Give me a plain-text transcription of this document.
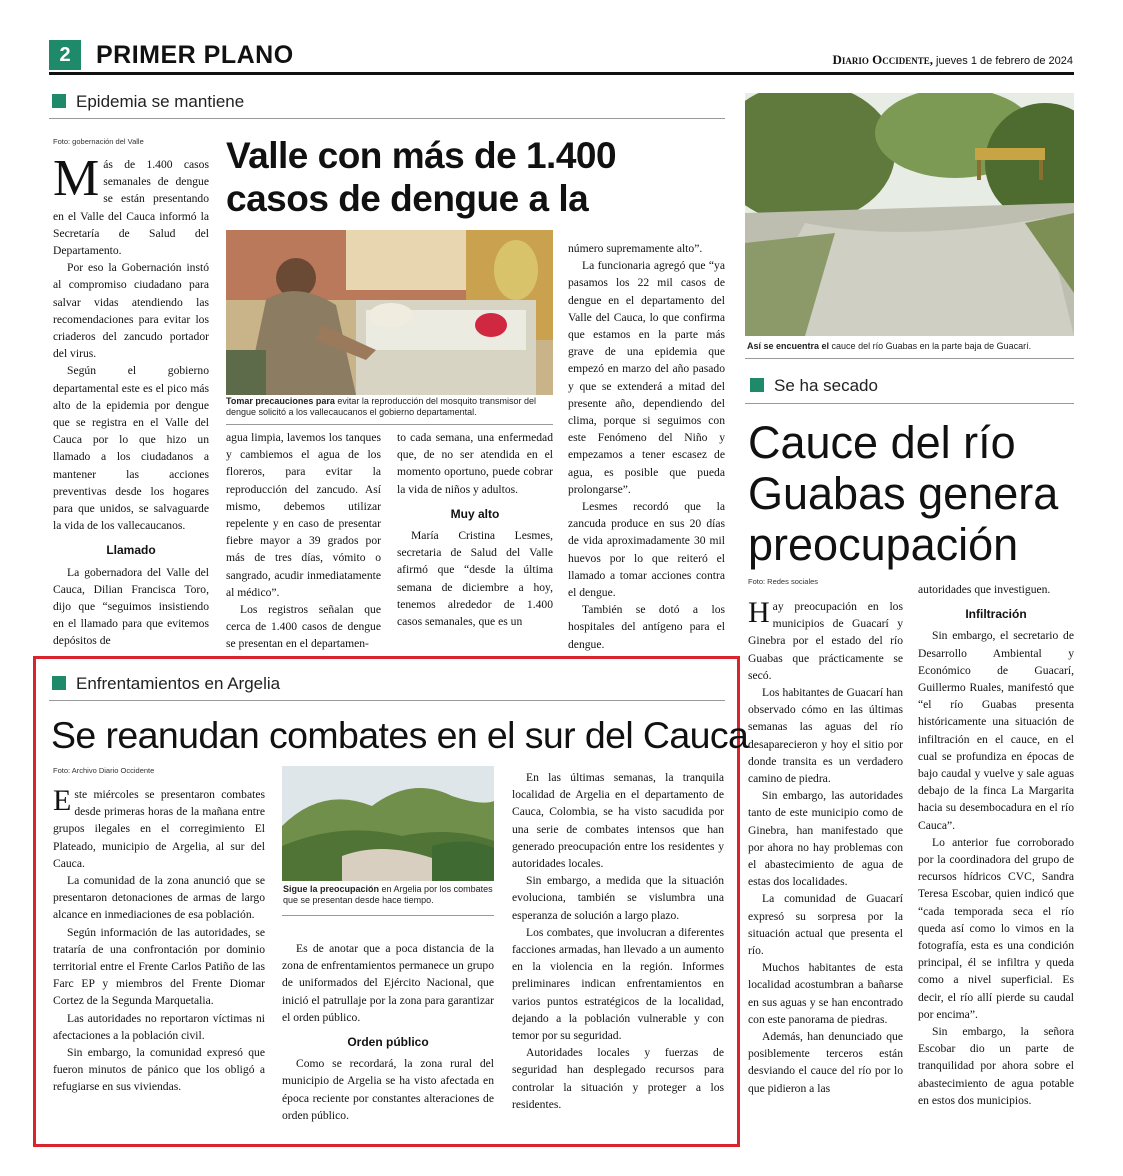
2	PRIMER PLANO	Diario Occidente, jueves 1 de febrero de 2024
Epidemia se mantiene
Foto: gobernación del Valle Valle con más de 1.400 casos de dengue a la

Más de 1.400 casos semanales de dengue se están presentando en el Valle del Cauca informó la Secretaría de Salud del Departamento.

Por eso la Gobernación instó al compromiso ciudadano para salvar vidas atendiendo las recomendaciones para evitar los criaderos del zancudo portador del virus.

Según el gobierno departamental este es el pico más alto de la epidemia por dengue que se registra en el Valle del Cauca por lo que hizo un llamado a los ciudadanos a mantener las acciones preventivas desde los hogares para que unidos, se salvaguarde la vida de los vallecaucanos.

Llamado

La gobernadora del Valle del Cauca, Dilian Francisca Toro, dijo que “seguimos insistiendo en el llamado para que evitemos depósitos de

Tomar precauciones para evitar la reproducción del mosquito transmisor del dengue solicitó a los vallecaucanos el gobierno departamental.

agua limpia, lavemos los tanques y cambiemos el agua de los floreros, para evitar la reproducción del zancudo. Así mismo, debemos utilizar repelente y en caso de presentar fiebre mayor a 39 grados por más de tres días, vómito o sangrado, acudir inmediatamente al médico”.

Los registros señalan que cerca de 1.400 casos de dengue se presentan en el departamen-

to cada semana, una enfermedad que, de no ser atendida en el momento oportuno, puede cobrar la vida de niños y adultos.

Muy alto

María Cristina Lesmes, secretaria de Salud del Valle afirmó que “desde la última semana de diciembre a hoy, tenemos alrededor de 1.400 casos semanales, que es un

número supremamente alto”.

La funcionaria agregó que “ya pasamos los 22 mil casos de dengue en el departamento del Valle del Cauca, lo que confirma que estamos en la parte más grave de una epidemia que empezó en marzo del año pasado y que se extenderá a mitad del presente año, dependiendo del clima, porque si seguimos con este Fenómeno del Niño y empezamos a tener escasez de agua, es posible que pueda prolongarse”.

Lesmes recordó que la zancuda produce en sus 20 días de vida aproximadamente 30 mil huevos por lo que reiteró el llamado a tomar acciones contra el dengue.

También se dotó a los hospitales del antígeno para el dengue.

Así se encuentra el cauce del río Guabas en la parte baja de Guacarí.
Se ha secado
Cauce del río Guabas genera preocupación
Foto: Redes sociales

Hay preocupación en los municipios de Guacarí y Ginebra por el estado del río Guabas que prácticamente se secó.

Los habitantes de Guacarí han observado cómo en las últimas semanas las aguas del río desaparecieron y hoy el sitio por donde transita es un verdadero camino de piedra.

Sin embargo, las autoridades tanto de este municipio como de Ginebra, han manifestado que por ahora no hay problemas con el abastecimiento de agua de estas dos localidades.

La comunidad de Guacarí expresó su sorpresa por la situación actual que presenta el río.

Muchos habitantes de esta localidad acostumbran a bañarse en sus aguas y se han encontrado con este panorama de piedras.

Además, han denunciado que posiblemente terceros están desviando el cauce del río por lo que pidieron a las

autoridades que investiguen.

Infiltración

Sin embargo, el secretario de Desarrollo Ambiental y Económico de Guacarí, Guillermo Ruales, manifestó que “el río Guabas presenta históricamente una situación de infiltración en el cauce, en el cual se profundiza en épocas de bajo caudal y vuelve y sale aguas debajo de la finca La Margarita hacia su desembocadura en el río Cauca”.

Lo anterior fue corroborado por la coordinadora del grupo de recursos hídricos CVC, Sandra Teresa Escobar, quien indicó que “cada temporada seca el río queda así como lo vimos en la fotografía, esta es una condición principal, él se infiltra y queda como a nivel superficial. Es decir, el río allí pierde su caudal por encima”.

Sin embargo, la señora Escobar dio un parte de tranquilidad por ahora sobre el abastecimiento de agua potable en estos dos municipios.

Enfrentamientos en Argelia
Se reanudan combates en el sur del Cauca
Foto: Archivo Diario Occidente

Este miércoles se presentaron combates desde primeras horas de la mañana entre grupos ilegales en el corregimiento El Plateado, municipio de Argelia, al sur del Cauca.

La comunidad de la zona anunció que se presentaron detonaciones de armas de largo alcance en inmediaciones de esa población.

Según información de las autoridades, se trataría de una confrontación por dominio territorial entre el Frente Carlos Patiño de las Farc EP y miembros del Frente Diomar Cortez de la Segunda Marquetalia.

Las autoridades no reportaron víctimas ni afectaciones a la población civil.

Sin embargo, la comunidad expresó que fueron minutos de pánico que los obligó a refugiarse en sus viviendas.

Sigue la preocupación en Argelia por los combates que se presentan desde hace tiempo.

Es de anotar que a poca distancia de la zona de enfrentamientos permanece un grupo de uniformados del Ejército Nacional, que inició el patrullaje por la zona para garantizar el orden público.

Orden público

Como se recordará, la zona rural del municipio de Argelia se ha visto afectada en época reciente por constantes alteraciones de orden público.

En las últimas semanas, la tranquila localidad de Argelia en el departamento de Cauca, Colombia, se ha visto sacudida por una serie de combates intensos que han generado preocupación entre los residentes y autoridades locales.

Sin embargo, a medida que la situación evoluciona, también se vislumbra una esperanza de solución a largo plazo.

Los combates, que involucran a diferentes facciones armadas, han llevado a un aumento en la violencia en la región. Informes preliminares indican enfrentamientos en varios puntos estratégicos de la localidad, dejando a la población vulnerable y con temor por su seguridad.

Autoridades locales y fuerzas de seguridad han desplegado recursos para controlar la situación y proteger a los residentes.
